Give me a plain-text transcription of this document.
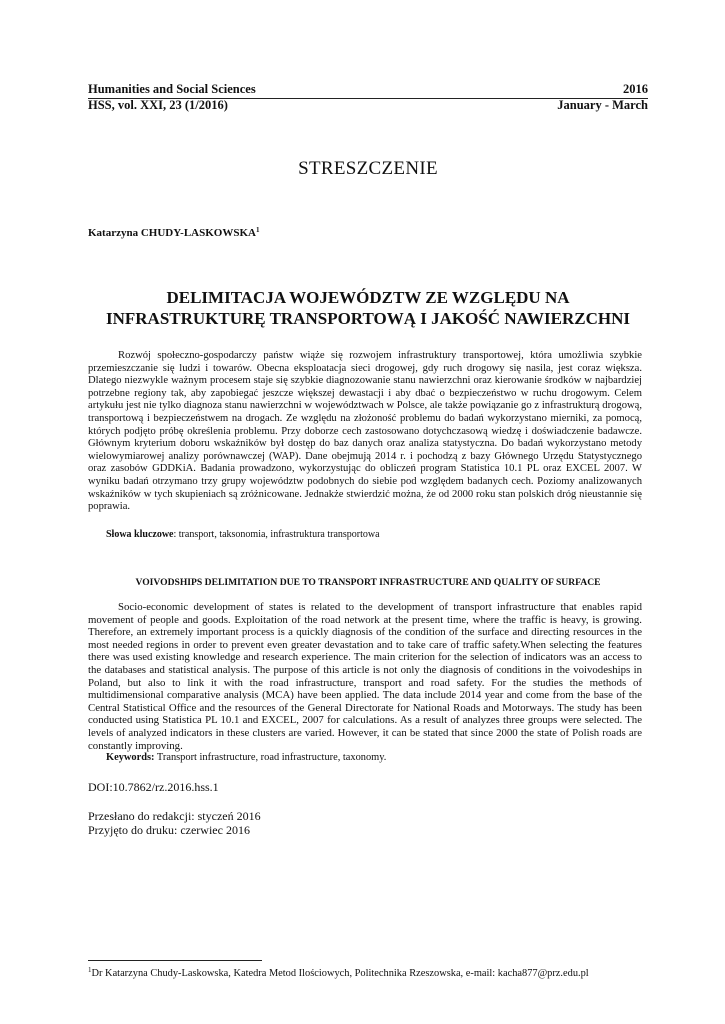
Humanities and Social Sciences	2016
HSS, vol. XXI, 23 (1/2016)	January - March
STRESZCZENIE
Katarzyna CHUDY-LASKOWSKA$^1$
DELIMITACJA WOJEWÓDZTW ZE WZGLĘDU NA
INFRASTRUKTURĘ TRANSPORTOWĄ I JAKOŚĆ NAWIERZCHNI

Rozwój społeczno-gospodarczy państw wiąże się rozwojem infrastruktury transportowej, która umożliwia szybkie przemieszczanie się ludzi i towarów. Obecna eksploatacja sieci drogowej, gdy ruch drogowy się nasila, jest coraz większa. Dlatego niezwykle ważnym procesem staje się szybkie diagnozowanie stanu nawierzchni oraz kierowanie środków w najbardziej potrzebne regiony tak, aby zapobiegać jeszcze większej dewastacji i aby dbać o bezpieczeństwo w ruchu drogowym. Celem artykułu jest nie tylko diagnoza stanu nawierzchni w województwach w Polsce, ale także powiązanie go z infrastrukturą drogową, transportową i bezpieczeństwem na drogach. Ze względu na złożoność problemu do badań wykorzystano mierniki, za pomocą, których podjęto próbę określenia problemu. Przy doborze cech zastosowano dotychczasową wiedzę i doświadczenie badawcze. Głównym kryterium doboru wskaźników był dostęp do baz danych oraz analiza statystyczna. Do badań wykorzystano metody wielowymiarowej analizy porównawczej (WAP). Dane obejmują 2014 r. i pochodzą z bazy Głównego Urzędu Statystycznego oraz zasobów GDDKiA. Badania prowadzono, wykorzystując do obliczeń program Statistica 10.1 PL oraz EXCEL 2007. W wyniku badań otrzymano trzy grupy województw podobnych do siebie pod względem badanych cech. Poziomy analizowanych wskaźników w tych skupieniach są zróżnicowane. Jednakże stwierdzić można, że od 2000 roku stan polskich dróg nieustannie się poprawia.

Słowa kluczowe: transport, taksonomia, infrastruktura transportowa
VOIVODSHIPS DELIMITATION DUE TO TRANSPORT INFRASTRUCTURE AND QUALITY OF SURFACE

Socio-economic development of states is related to the development of transport infrastructure that enables rapid movement of people and goods. Exploitation of the road network at the present time, where the traffic is heavy, is growing. Therefore, an extremely important process is a quickly diagnosis of the condition of the surface and directing resources in the most needed regions in order to prevent even greater devastation and to take care of traffic safety.When selecting the features there was used existing knowledge and research experience. The main criterion for the selection of indicators was an access to the databases and statistical analysis. The purpose of this article is not only the diagnosis of conditions in the voivodeships in Poland, but also to link it with the road infrastructure, transport and road safety. For the studies the methods of multidimensional comparative analysis (MCA) have been applied. The data include 2014 year and come from the base of the Central Statistical Office and the resources of the General Directorate for National Roads and Motorways. The study has been conducted using Statistica PL 10.1 and EXCEL, 2007 for calculations. As a result of analyzes three groups were selected. The levels of analyzed indicators in these clusters are varied. However, it can be stated that since 2000 the state of Polish roads are constantly improving.

Keywords: Transport infrastructure, road infrastructure, taxonomy.
DOI:10.7862/rz.2016.hss.1
Przesłano do redakcji: styczeń 2016
Przyjęto do druku: czerwiec 2016
$^1$Dr Katarzyna Chudy-Laskowska, Katedra Metod Ilościowych, Politechnika Rzeszowska, e-mail: kacha877@prz.edu.pl
